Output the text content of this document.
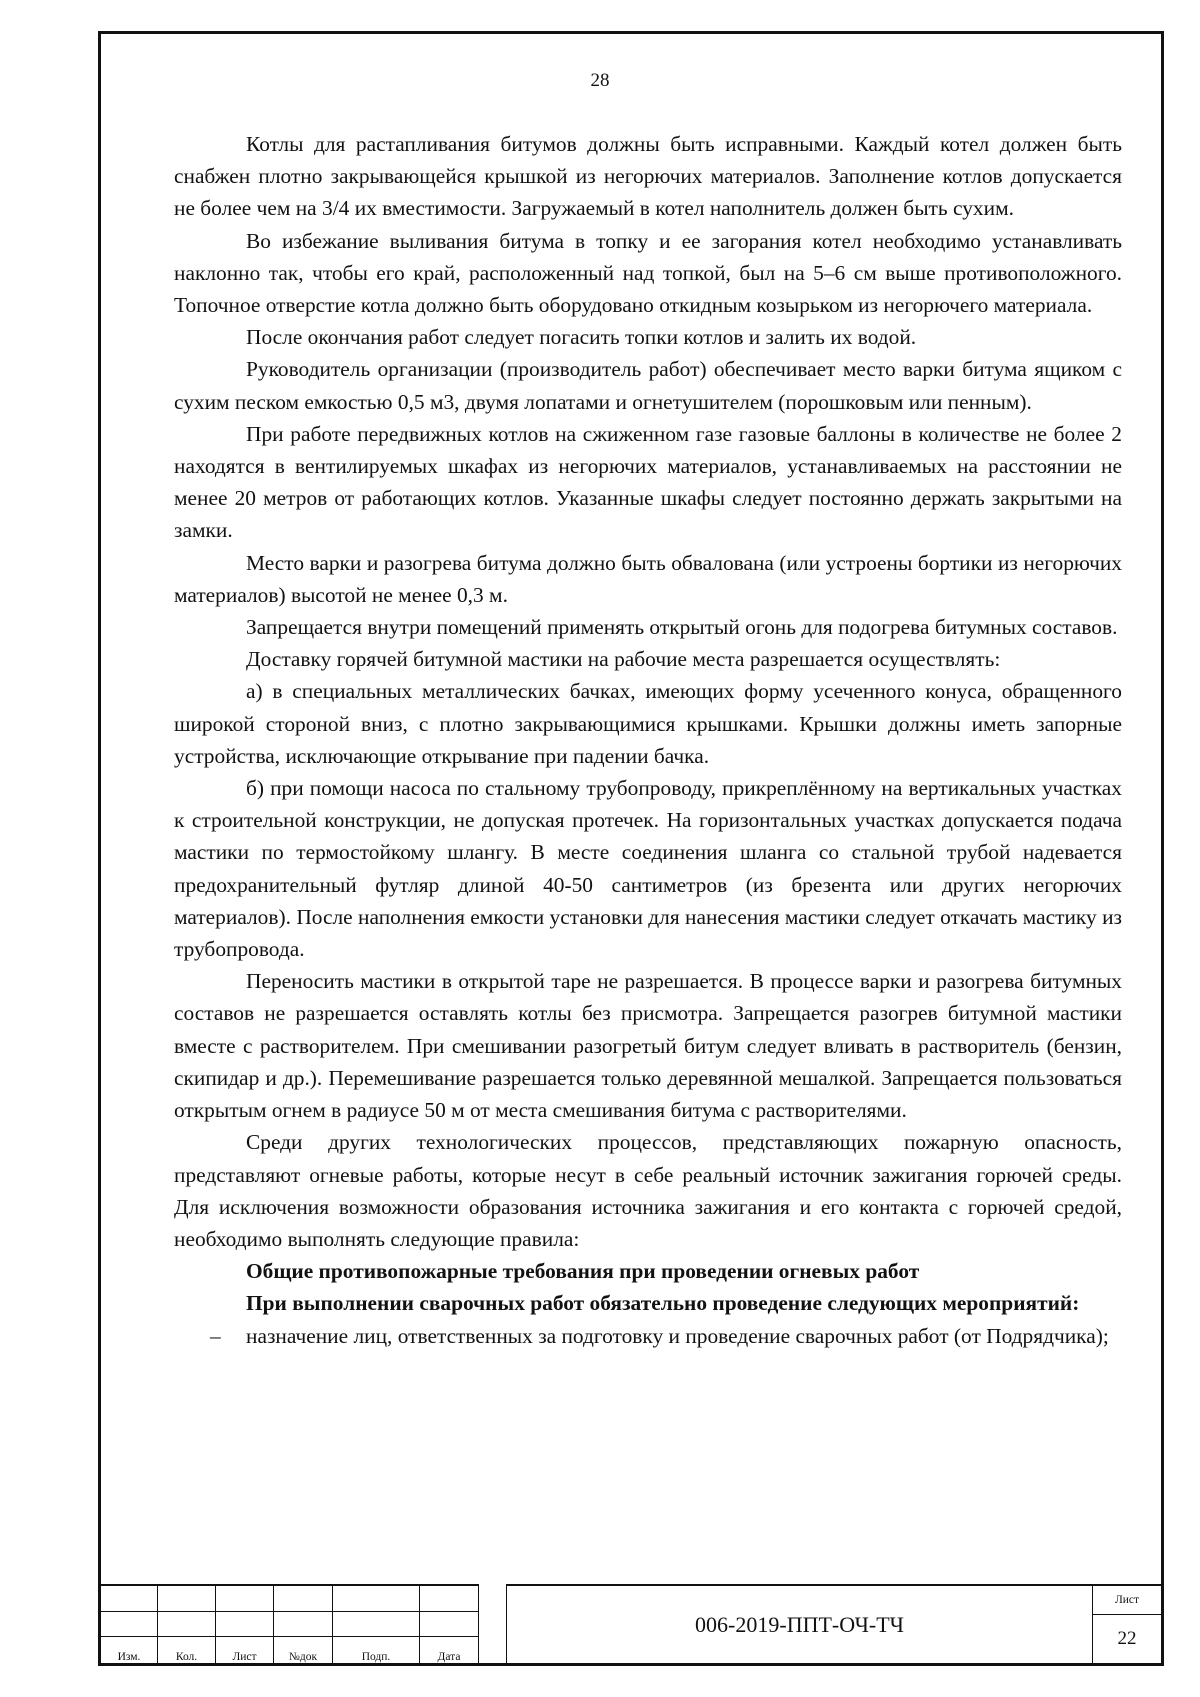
28

Котлы для растапливания битумов должны быть исправными. Каждый котел должен быть снабжен плотно закрывающейся крышкой из негорючих материалов. Заполнение котлов допускается не более чем на 3/4 их вместимости. Загружаемый в котел наполнитель должен быть сухим.

Во избежание выливания битума в топку и ее загорания котел необходимо устанавливать наклонно так, чтобы его край, расположенный над топкой, был на 5–6 см выше противоположного. Топочное отверстие котла должно быть оборудовано откидным козырьком из негорючего материала.

После окончания работ следует погасить топки котлов и залить их водой.

Руководитель организации (производитель работ) обеспечивает место варки битума ящиком с сухим песком емкостью 0,5 м3, двумя лопатами и огнетушителем (порошковым или пенным).

При работе передвижных котлов на сжиженном газе газовые баллоны в количестве не более 2 находятся в вентилируемых шкафах из негорючих материалов, устанавливаемых на расстоянии не менее 20 метров от работающих котлов. Указанные шкафы следует постоянно держать закрытыми на замки.

Место варки и разогрева битума должно быть обвалована (или устроены бортики из негорючих материалов) высотой не менее 0,3 м.

Запрещается внутри помещений применять открытый огонь для подогрева битумных составов.

Доставку горячей битумной мастики на рабочие места разрешается осуществлять:

а) в специальных металлических бачках, имеющих форму усеченного конуса, обращенного широкой стороной вниз, с плотно закрывающимися крышками. Крышки должны иметь запорные устройства, исключающие открывание при падении бачка.

б) при помощи насоса по стальному трубопроводу, прикреплённому на вертикальных участках к строительной конструкции, не допуская протечек. На горизонтальных участках допускается подача мастики по термостойкому шлангу. В месте соединения шланга со стальной трубой надевается предохранительный футляр длиной 40-50 сантиметров (из брезента или других негорючих материалов). После наполнения емкости установки для нанесения мастики следует откачать мастику из трубопровода.

Переносить мастики в открытой таре не разрешается. В процессе варки и разогрева битумных составов не разрешается оставлять котлы без присмотра. Запрещается разогрев битумной мастики вместе с растворителем. При смешивании разогретый битум следует вливать в растворитель (бензин, скипидар и др.). Перемешивание разрешается только деревянной мешалкой. Запрещается пользоваться открытым огнем в радиусе 50 м от места смешивания битума с растворителями.

Среди других технологических процессов, представляющих пожарную опасность, представляют огневые работы, которые несут в себе реальный источник зажигания горючей среды. Для исключения возможности образования источника зажигания и его контакта с горючей средой, необходимо выполнять следующие правила:

Общие противопожарные требования при проведении огневых работ

При выполнении сварочных работ обязательно проведение следующих мероприятий:

– назначение лиц, ответственных за подготовку и проведение сварочных работ (от Подрядчика);

Изм.	Кол.	Лист	№док	Подп.	Дата
006-2019-ППТ-ОЧ-ТЧ
Лист
22
